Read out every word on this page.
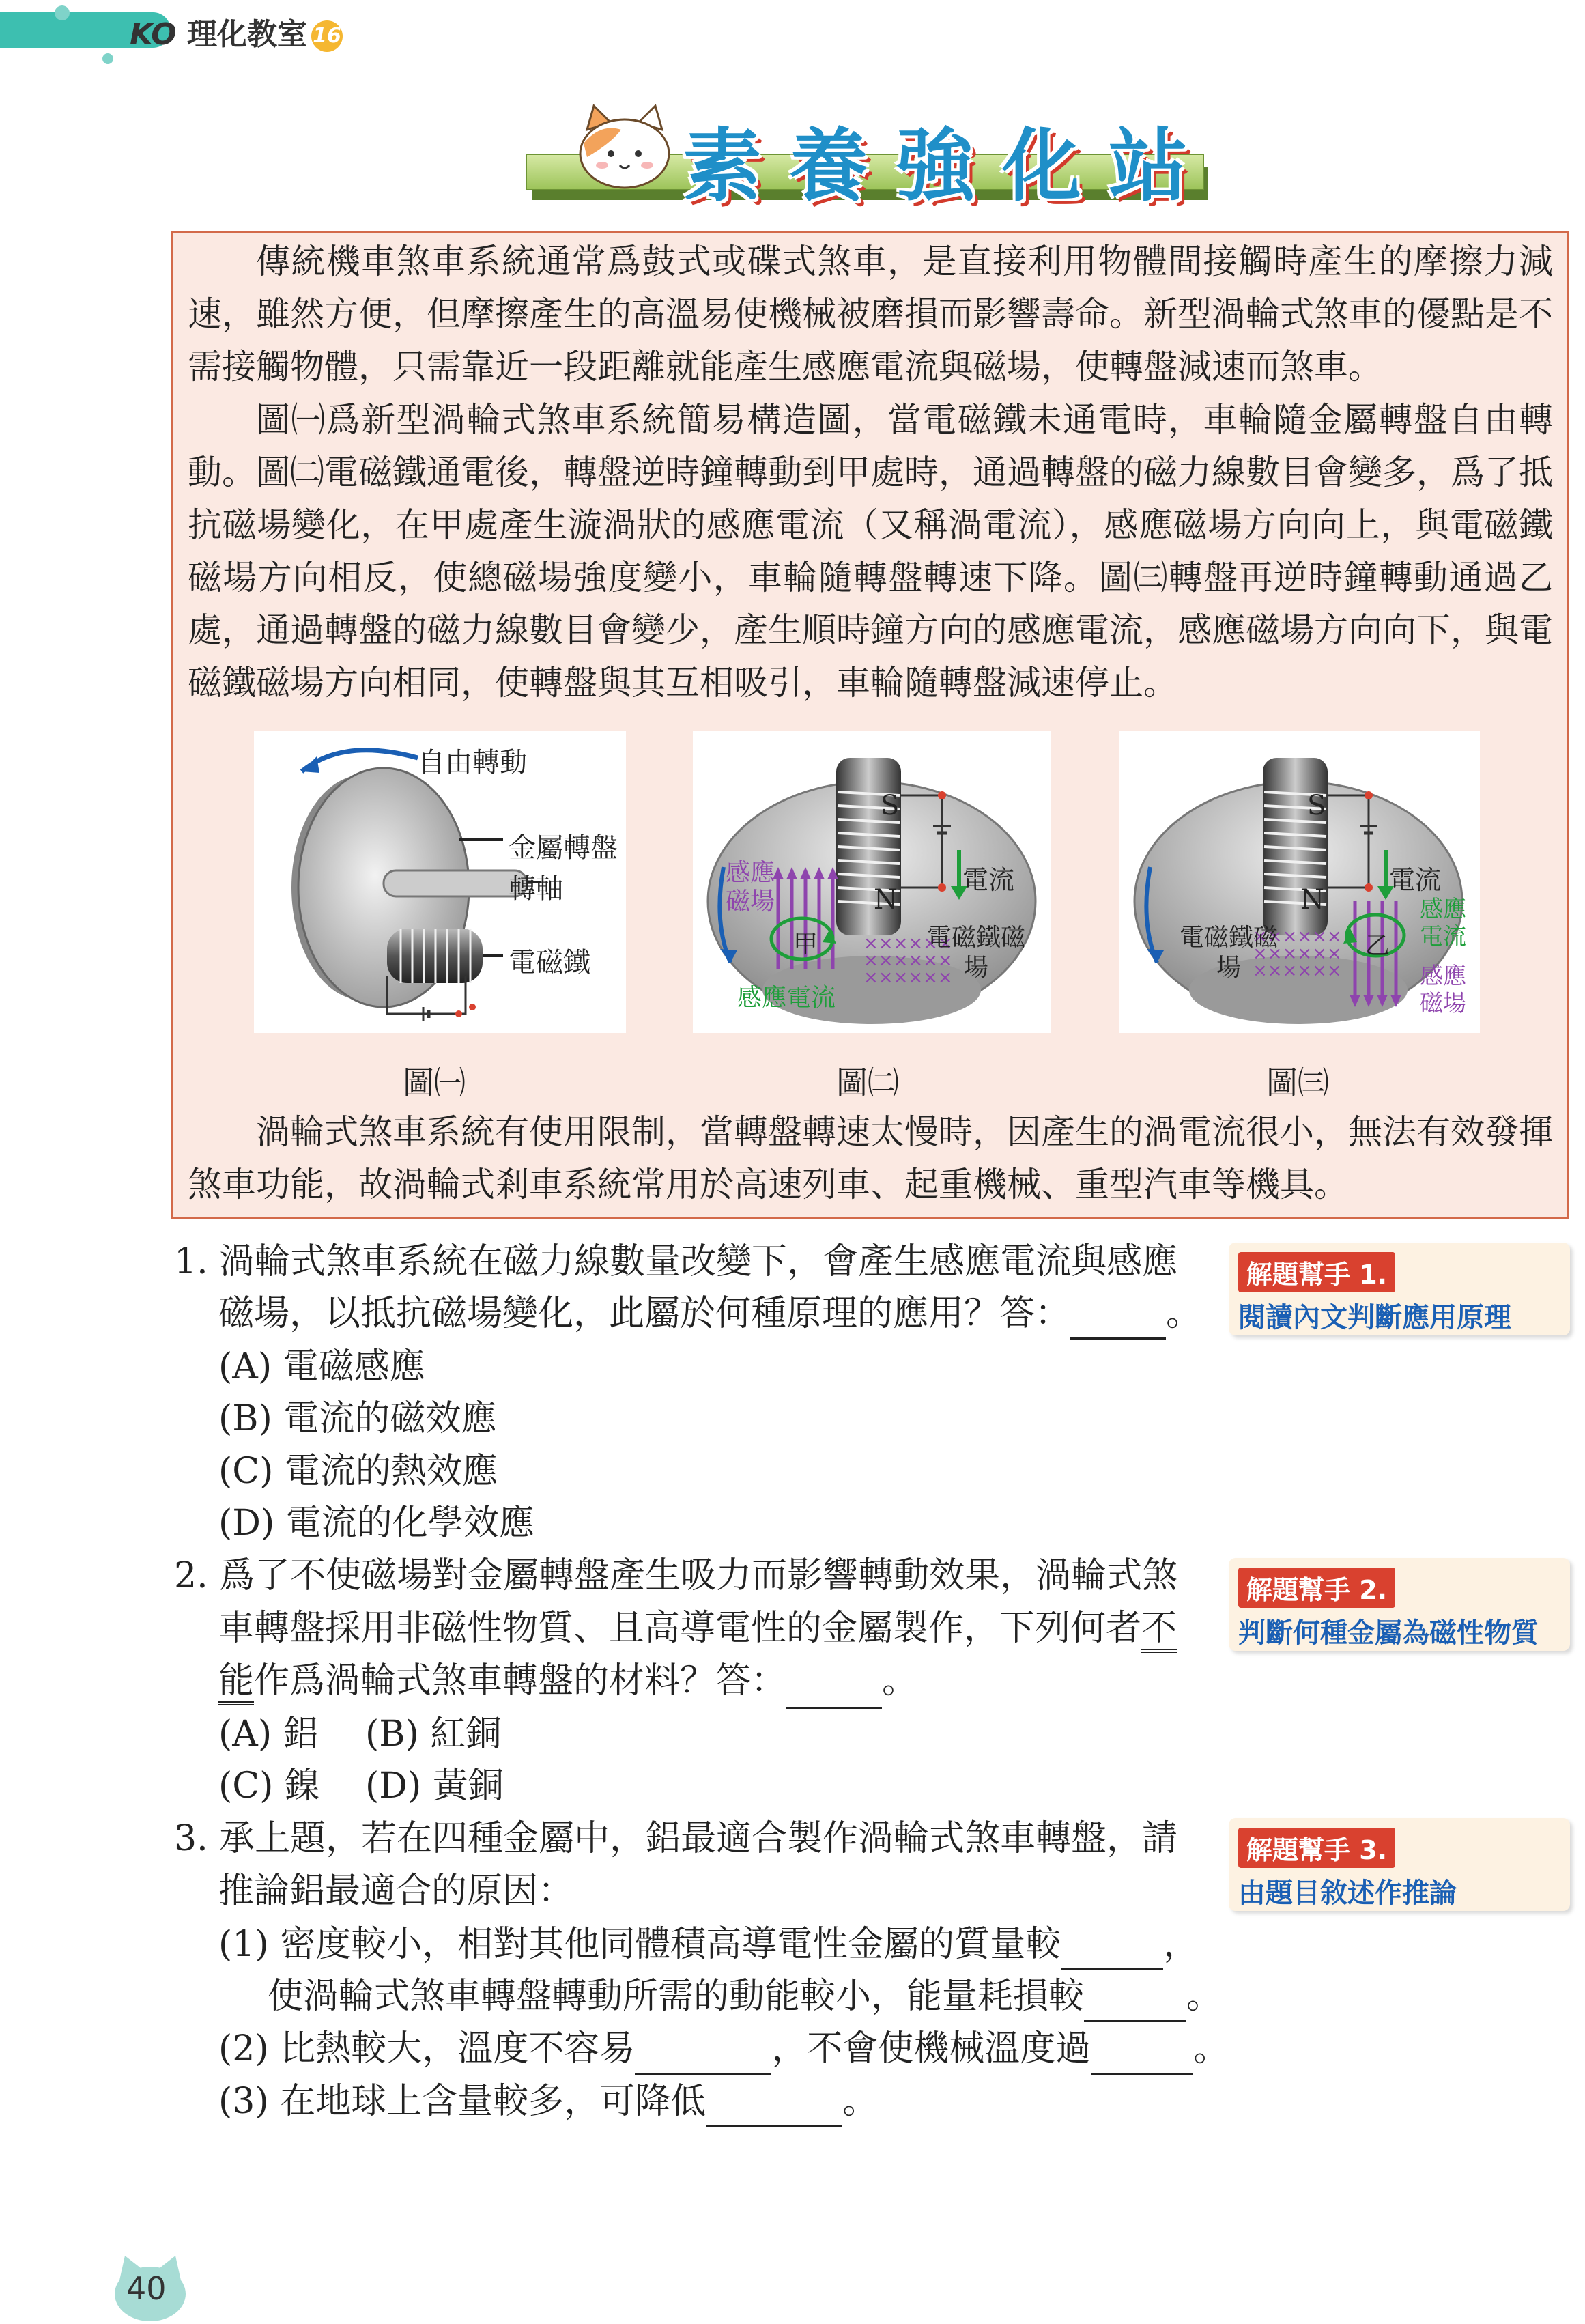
KO 理化教室 16
素養強化站
傳統機車煞車系統通常爲鼓式或碟式煞車，是直接利用物體間接觸時產生的摩擦力減速，雖然方便，但摩擦產生的高溫易使機械被磨損而影響壽命。新型渦輪式煞車的優點是不需接觸物體，只需靠近一段距離就能產生感應電流與磁場，使轉盤減速而煞車。
圖㈠爲新型渦輪式煞車系統簡易構造圖，當電磁鐵未通電時，車輪隨金屬轉盤自由轉動。圖㈡電磁鐵通電後，轉盤逆時鐘轉動到甲處時，通過轉盤的磁力線數目會變多，爲了抵抗磁場變化，在甲處產生漩渦狀的感應電流（又稱渦電流），感應磁場方向向上，與電磁鐵磁場方向相反，使總磁場強度變小，車輪隨轉盤轉速下降。圖㈢轉盤再逆時鐘轉動通過乙處，通過轉盤的磁力線數目會變少，產生順時鐘方向的感應電流，感應磁場方向向下，與電磁鐵磁場方向相同，使轉盤與其互相吸引，車輪隨轉盤減速停止。
自由轉動
金屬轉盤
轉軸
電磁鐵
××××××
××××××
××××××
S
N
電流
感應磁場
甲	電磁鐵磁場
感應電流
××××××
××××××
××××××
S
N
電流
電磁鐵磁場
乙
感應電流
感應磁場
圖㈠	圖㈡	圖㈢
渦輪式煞車系統有使用限制，當轉盤轉速太慢時，因產生的渦電流很小，無法有效發揮煞車功能，故渦輪式剎車系統常用於高速列車、起重機械、重型汽車等機具。
1. 渦輪式煞車系統在磁力線數量改變下，會產生感應電流與感應
磁場，以抵抗磁場變化，此屬於何種原理的應用？答：	。
(A) 電磁感應
(B) 電流的磁效應
(C) 電流的熱效應
(D) 電流的化學效應
解題幫手 1.
閱讀內文判斷應用原理
2. 爲了不使磁場對金屬轉盤產生吸力而影響轉動效果，渦輪式煞
車轉盤採用非磁性物質、且高導電性的金屬製作，下列何者不
能作爲渦輪式煞車轉盤的材料？答：	。
(A) 鋁 (B) 紅銅
(C) 鎳 (D) 黃銅
解題幫手 2.
判斷何種金屬為磁性物質
3. 承上題，若在四種金屬中，鋁最適合製作渦輪式煞車轉盤，請
推論鋁最適合的原因：
(1) 密度較小，相對其他同體積高導電性金屬的質量較	，
使渦輪式煞車轉盤轉動所需的動能較小，能量耗損較	。
(2) 比熱較大，溫度不容易	，不會使機械溫度過	。
(3) 在地球上含量較多，可降低	。
解題幫手 3.
由題目敘述作推論
40
